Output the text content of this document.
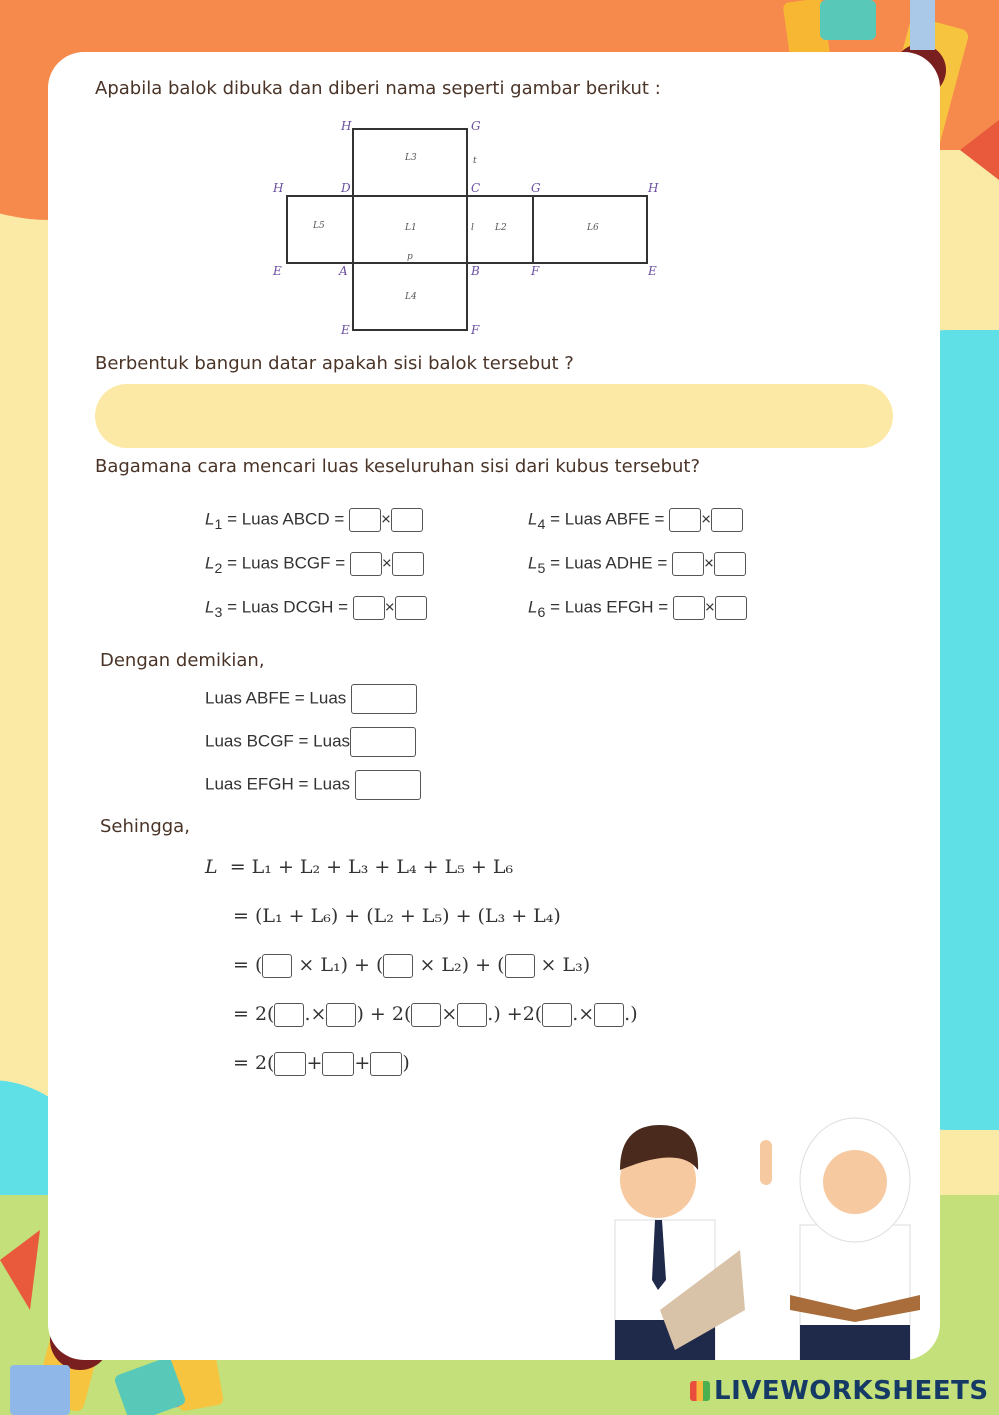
Apabila balok dibuka dan diberi nama seperti gambar berikut :
H	G
H	D	C	G	H
E	A	B	F	E
E	F
L3
L5	L1	L2	L6
L4
t
l
p
Berbentuk bangun datar apakah sisi balok tersebut ?
Bagamana cara mencari luas keseluruhan sisi dari kubus tersebut?
$L_1$ = Luas ABCD = ×
$L_2$ = Luas BCGF = ×
$L_3$ = Luas DCGH = ×
$L_4$ = Luas ABFE = ×
$L_5$ = Luas ADHE = ×
$L_6$ = Luas EFGH = ×
Dengan demikian,
Luas ABFE = Luas
Luas BCGF = Luas
Luas EFGH = Luas
Sehingga,
L = L₁ + L₂ + L₃ + L₄ + L₅ + L₆
= (L₁ + L₆) + (L₂ + L₅) + (L₃ + L₄)
= ( × L₁) + ( × L₂) + ( × L₃)
= 2( .× ) + 2( × .) +2( .× .)
= 2( + + )
LIVEWORKSHEETS
